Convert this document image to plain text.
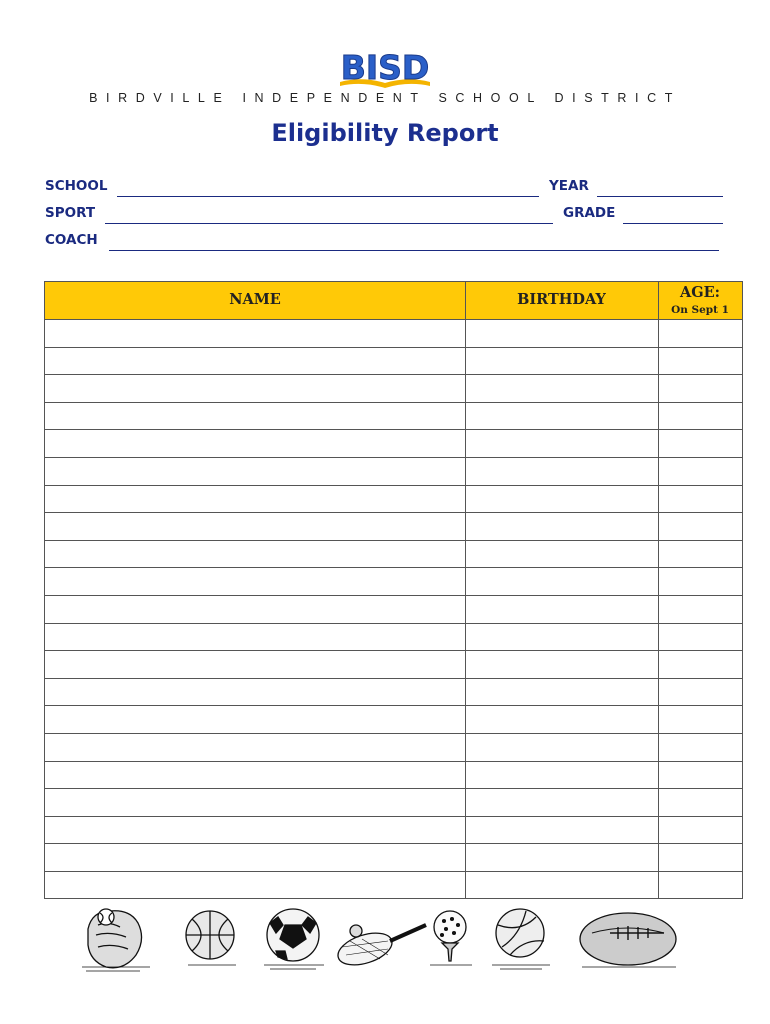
BISD
BIRDVILLE INDEPENDENT SCHOOL DISTRICT
Eligibility Report
SCHOOL	YEAR
SPORT	GRADE
COACH
NAME	BIRTHDAY	AGE:
On Sept 1
